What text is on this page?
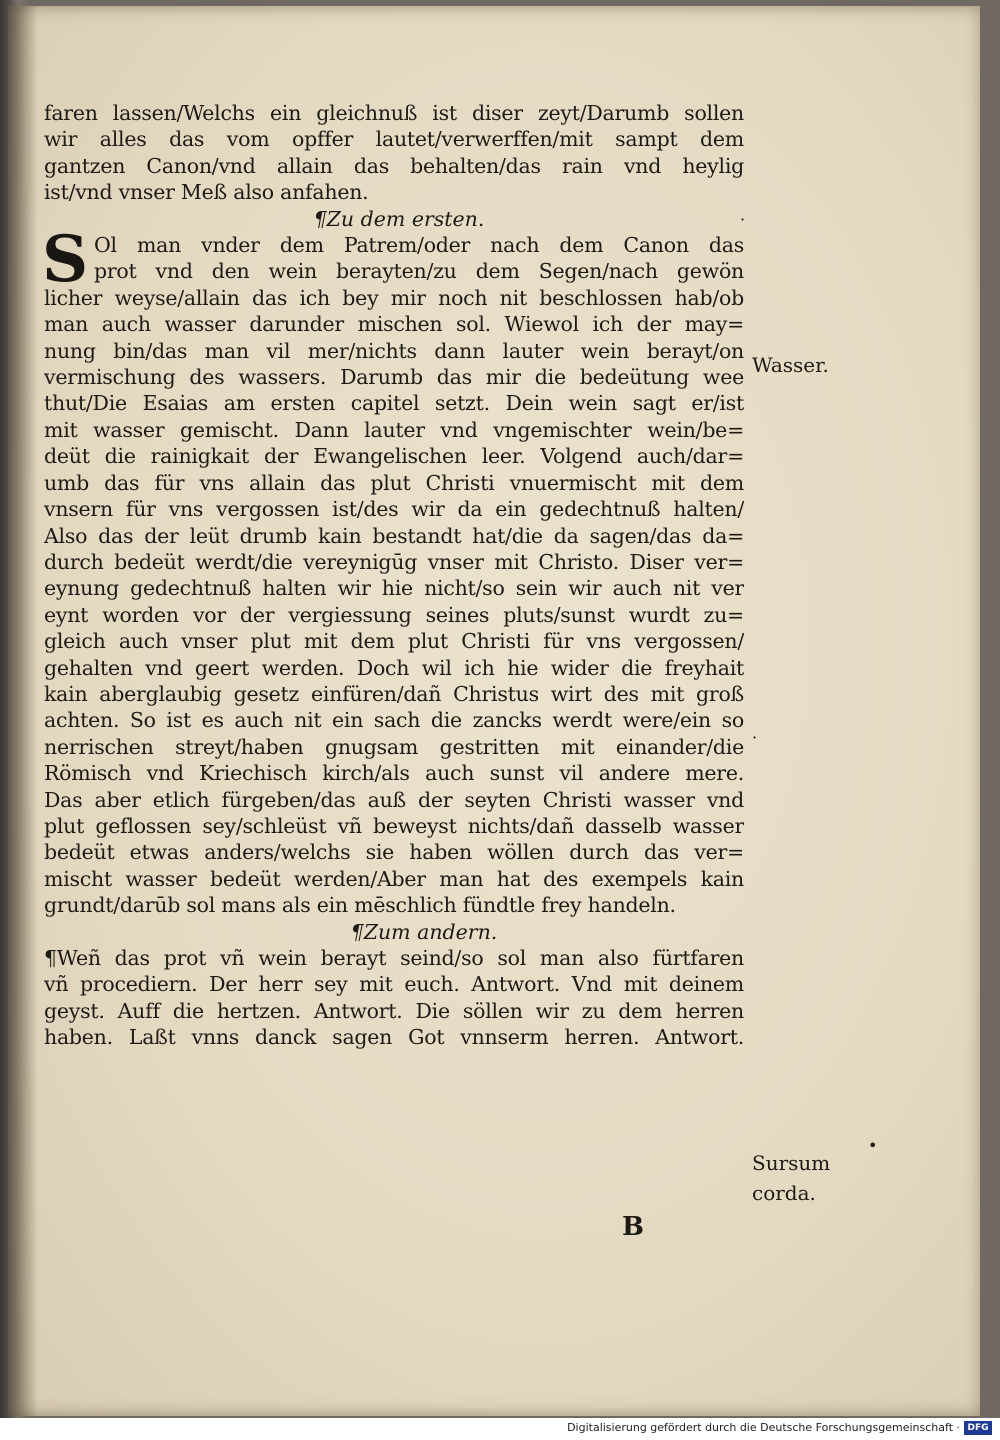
faren lassen/Welchs ein gleichnuß ist diser zeyt/Darumb sollen
wir alles das vom opffer lautet/verwerffen/mit sampt dem
gantzen Canon/vnd allain das behalten/das rain vnd heylig
ist/vnd vnser Meß also anfahen.
¶Zu dem ersten.
S Ol man vnder dem Patrem/oder nach dem Canon das
prot vnd den wein berayten/zu dem Segen/nach gewön
licher weyse/allain das ich bey mir noch nit beschlossen hab/ob
man auch wasser darunder mischen sol. Wiewol ich der may=
nung bin/das man vil mer/nichts dann lauter wein berayt/on
vermischung des wassers. Darumb das mir die bedeütung wee
thut/Die Esaias am ersten capitel setzt. Dein wein sagt er/ist
mit wasser gemischt. Dann lauter vnd vngemischter wein/be=
deüt die rainigkait der Ewangelischen leer. Volgend auch/dar=
umb das für vns allain das plut Christi vnuermischt mit dem
vnsern für vns vergossen ist/des wir da ein gedechtnuß halten/
Also das der leüt drumb kain bestandt hat/die da sagen/das da=
durch bedeüt werdt/die vereynigūg vnser mit Christo. Diser ver=
eynung gedechtnuß halten wir hie nicht/so sein wir auch nit ver
eynt worden vor der vergiessung seines pluts/sunst wurdt zu=
gleich auch vnser plut mit dem plut Christi für vns vergossen/
gehalten vnd geert werden. Doch wil ich hie wider die freyhait
kain aberglaubig gesetz einfüren/dañ Christus wirt des mit groß
achten. So ist es auch nit ein sach die zancks werdt were/ein so
nerrischen streyt/haben gnugsam gestritten mit einander/die
Römisch vnd Kriechisch kirch/als auch sunst vil andere mere.
Das aber etlich fürgeben/das auß der seyten Christi wasser vnd
plut geflossen sey/schleüst vñ beweyst nichts/dañ dasselb wasser
bedeüt etwas anders/welchs sie haben wöllen durch das ver=
mischt wasser bedeüt werden/Aber man hat des exempels kain
grundt/darūb sol mans als ein mēschlich fündtle frey handeln.
¶Zum andern.
¶Weñ das prot vñ wein berayt seind/so sol man also fürtfaren
vñ procediern. Der herr sey mit euch. Antwort. Vnd mit deinem
geyst. Auff die hertzen. Antwort. Die söllen wir zu dem herren
haben. Laßt vnns danck sagen Got vnnserm herren. Antwort.
Wasser.
Sursum
corda.
·
·
•
B
Digitalisierung gefördert durch die Deutsche Forschungsgemeinschaft · DFG
